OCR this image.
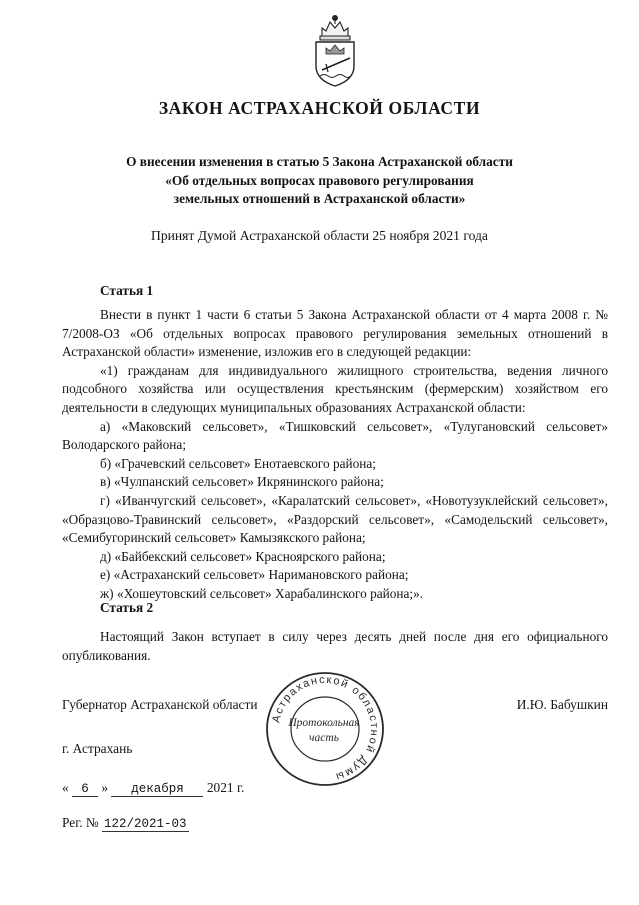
ЗАКОН АСТРАХАНСКОЙ ОБЛАСТИ
О внесении изменения в статью 5 Закона Астраханской области
«Об отдельных вопросах правового регулирования
земельных отношений в Астраханской области»
Принят Думой Астраханской области 25 ноября 2021 года
Статья 1

Внести в пункт 1 части 6 статьи 5 Закона Астраханской области от 4 марта 2008 г. № 7/2008-ОЗ «Об отдельных вопросах правового регулирования земельных отношений в Астраханской области» изменение, изложив его в следующей редакции:

«1) гражданам для индивидуального жилищного строительства, ведения личного подсобного хозяйства или осуществления крестьянским (фермерским) хозяйством его деятельности в следующих муниципальных образованиях Астраханской области:

а) «Маковский сельсовет», «Тишковский сельсовет», «Тулугановский сельсовет» Володарского района;

б) «Грачевский сельсовет» Енотаевского района;

в) «Чулпанский сельсовет» Икрянинского района;

г) «Иванчугский сельсовет», «Каралатский сельсовет», «Новотузуклейский сельсовет», «Образцово-Травинский сельсовет», «Раздорский сельсовет», «Самодельский сельсовет», «Семибугоринский сельсовет» Камызякского района;

д) «Байбекский сельсовет» Красноярского района;

е) «Астраханский сельсовет» Наримановского района;

ж) «Хошеутовский сельсовет» Харабалинского района;».

Статья 2

Настоящий Закон вступает в силу через десять дней после дня его официального опубликования.

Губернатор Астраханской области	И.Ю. Бабушкин
Астраханской областной Думы
Протокольная
часть
г. Астрахань
« 6 » декабря 2021 г.
Рег. № 122/2021-03
